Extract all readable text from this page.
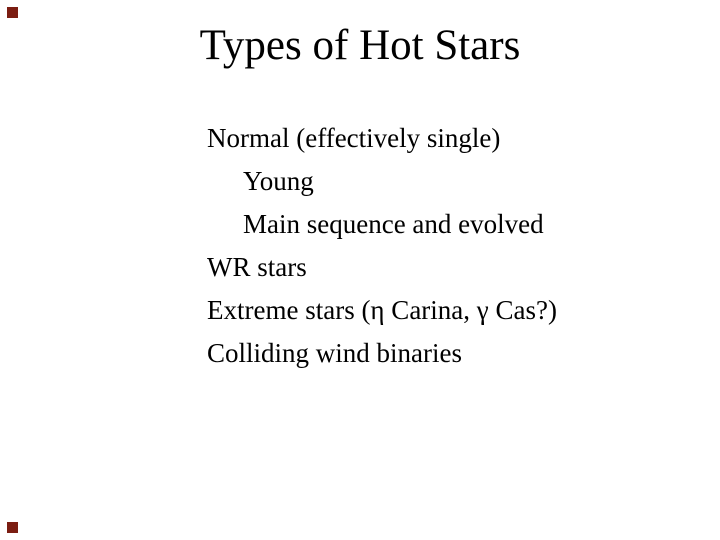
Types of Hot Stars
Normal (effectively single)
Young
Main sequence and evolved
WR stars
Extreme stars (η Carina, γ Cas?)
Colliding wind binaries
